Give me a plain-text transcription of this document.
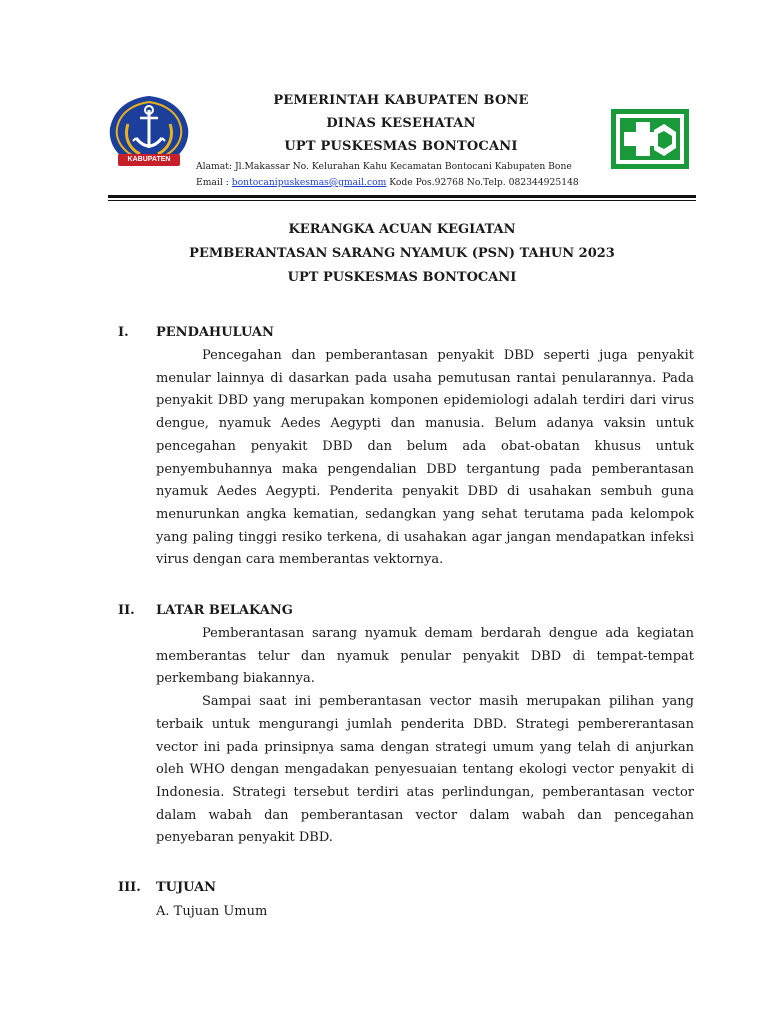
KABUPATEN BONE
PEMERINTAH KABUPATEN BONE
DINAS KESEHATAN
UPT PUSKESMAS BONTOCANI
Alamat: Jl.Makassar No. Kelurahan Kahu Kecamatan Bontocani Kabupaten Bone
Email : bontocanipuskesmas@gmail.com Kode Pos.92768 No.Telp. 082344925148
KERANGKA ACUAN KEGIATAN
PEMBERANTASAN SARANG NYAMUK (PSN) TAHUN 2023
UPT PUSKESMAS BONTOCANI
I. PENDAHULUAN

Pencegahan dan pemberantasan penyakit DBD seperti juga penyakit menular lainnya di dasarkan pada usaha pemutusan rantai penularannya. Pada penyakit DBD yang merupakan komponen epidemiologi adalah terdiri dari virus dengue, nyamuk Aedes Aegypti dan manusia. Belum adanya vaksin untuk pencegahan penyakit DBD dan belum ada obat-obatan khusus untuk penyembuhannya maka pengendalian DBD tergantung pada pemberantasan nyamuk Aedes Aegypti. Penderita penyakit DBD di usahakan sembuh guna menurunkan angka kematian, sedangkan yang sehat terutama pada kelompok yang paling tinggi resiko terkena, di usahakan agar jangan mendapatkan infeksi virus dengan cara memberantas vektornya.

II. LATAR BELAKANG

Pemberantasan sarang nyamuk demam berdarah dengue ada kegiatan memberantas telur dan nyamuk penular penyakit DBD di tempat-tempat perkembang biakannya.

Sampai saat ini pemberantasan vector masih merupakan pilihan yang terbaik untuk mengurangi jumlah penderita DBD. Strategi pembererantasan vector ini pada prinsipnya sama dengan strategi umum yang telah di anjurkan oleh WHO dengan mengadakan penyesuaian tentang ekologi vector penyakit di Indonesia. Strategi tersebut terdiri atas perlindungan, pemberantasan vector dalam wabah dan pemberantasan vector dalam wabah dan pencegahan penyebaran penyakit DBD.

III. TUJUAN
A. Tujuan Umum
